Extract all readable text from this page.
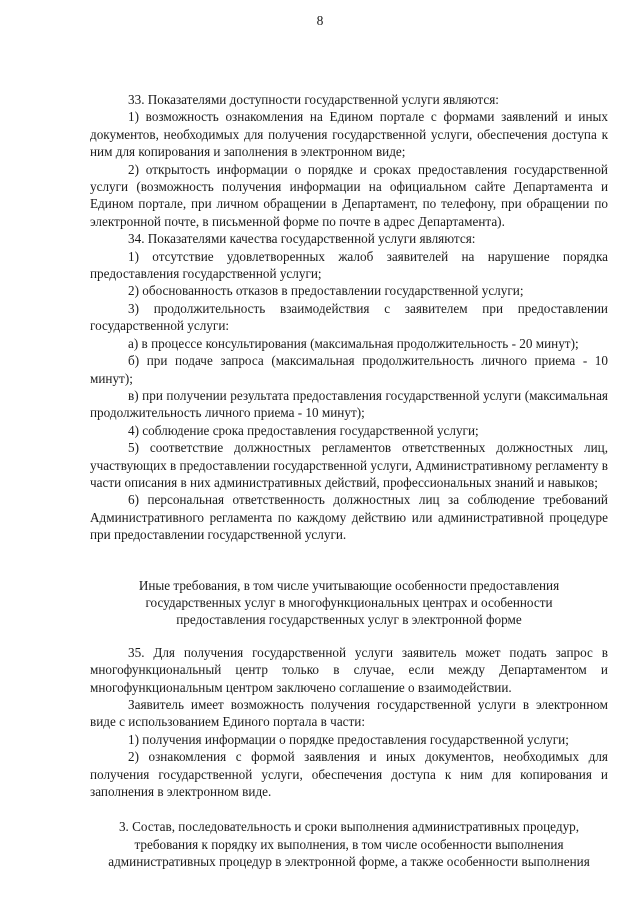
8

33. Показателями доступности государственной услуги являются:

1) возможность ознакомления на Едином портале с формами заявлений и иных документов, необходимых для получения государственной услуги, обеспечения доступа к ним для копирования и заполнения в электронном виде;

2) открытость информации о порядке и сроках предоставления государственной услуги (возможность получения информации на официальном сайте Департамента и Едином портале, при личном обращении в Департамент, по телефону, при обращении по электронной почте, в письменной форме по почте в адрес Департамента).

34. Показателями качества государственной услуги являются:

1) отсутствие удовлетворенных жалоб заявителей на нарушение порядка предоставления государственной услуги;

2) обоснованность отказов в предоставлении государственной услуги;

3) продолжительность взаимодействия с заявителем при предоставлении государственной услуги:

а) в процессе консультирования (максимальная продолжительность - 20 минут);

б) при подаче запроса (максимальная продолжительность личного приема - 10 минут);

в) при получении результата предоставления государственной услуги (максимальная продолжительность личного приема - 10 минут);

4) соблюдение срока предоставления государственной услуги;

5) соответствие должностных регламентов ответственных должностных лиц, участвующих в предоставлении государственной услуги, Административному регламенту в части описания в них административных действий, профессиональных знаний и навыков;

6) персональная ответственность должностных лиц за соблюдение требований Административного регламента по каждому действию или административной процедуре при предоставлении государственной услуги.

Иные требования, в том числе учитывающие особенности предоставления государственных услуг в многофункциональных центрах и особенности предоставления государственных услуг в электронной форме

35. Для получения государственной услуги заявитель может подать запрос в многофункциональный центр только в случае, если между Департаментом и многофункциональным центром заключено соглашение о взаимодействии.

Заявитель имеет возможность получения государственной услуги в электронном виде с использованием Единого портала в части:

1) получения информации о порядке предоставления государственной услуги;

2) ознакомления с формой заявления и иных документов, необходимых для получения государственной услуги, обеспечения доступа к ним для копирования и заполнения в электронном виде.

3. Состав, последовательность и сроки выполнения административных процедур, требования к порядку их выполнения, в том числе особенности выполнения административных процедур в электронной форме, а также особенности выполнения
